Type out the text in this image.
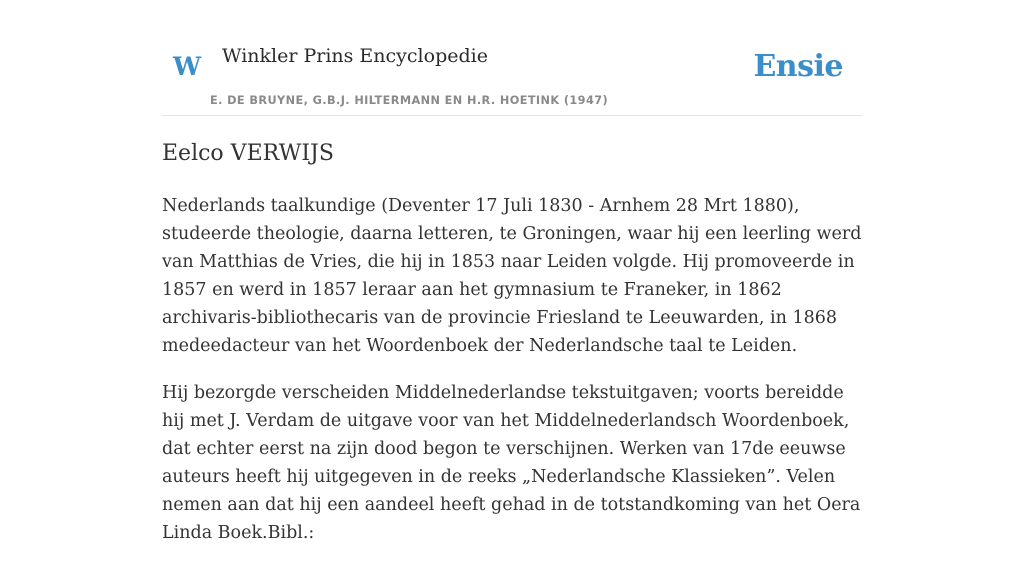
W Winkler Prins Encyclopedie
E. DE BRUYNE, G.B.J. HILTERMANN EN H.R. HOETINK (1947)
Ensie
Eelco VERWIJS

Nederlands taalkundige (Deventer 17 Juli 1830 - Arnhem 28 Mrt 1880), studeerde theologie, daarna letteren, te Groningen, waar hij een leerling werd van Matthias de Vries, die hij in 1853 naar Leiden volgde. Hij promoveerde in 1857 en werd in 1857 leraar aan het gymnasium te Franeker, in 1862 archivaris-bibliothecaris van de provincie Friesland te Leeuwarden, in 1868 medeedacteur van het Woordenboek der Nederlandsche taal te Leiden.

Hij bezorgde verscheiden Middelnederlandse tekstuitgaven; voorts bereidde hij met J. Verdam de uitgave voor van het Middelnederlandsch Woordenboek, dat echter eerst na zijn dood begon te verschijnen. Werken van 17de eeuwse auteurs heeft hij uitgegeven in de reeks „Nederlandsche Klassieken”. Velen nemen aan dat hij een aandeel heeft gehad in de totstandkoming van het Oera Linda Boek.Bibl.:
